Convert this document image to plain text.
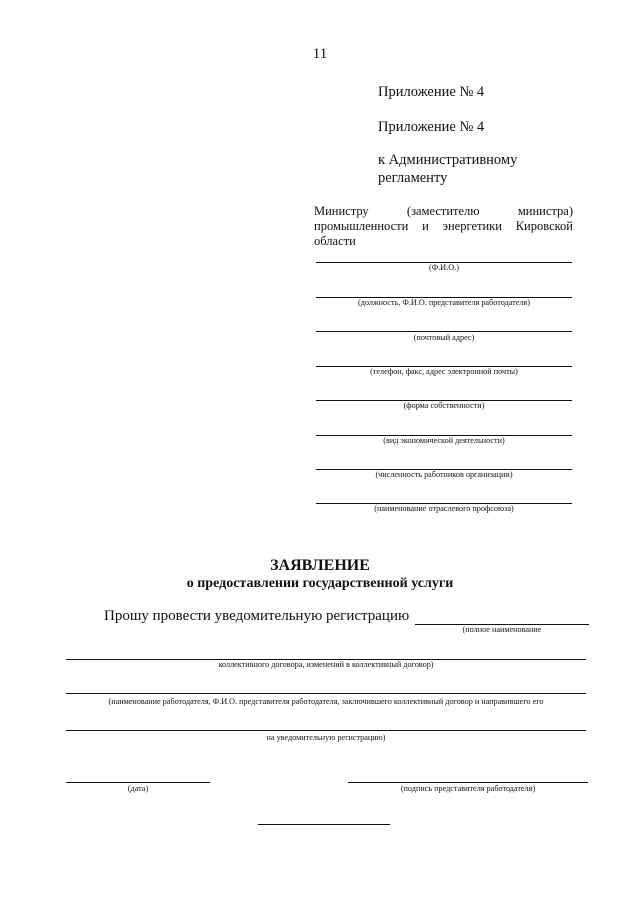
11
Приложение № 4
Приложение № 4
к Административному
регламенту
Министру (заместителю министра) промышленности и энергетики Кировской области
(Ф.И.О.)
(должность, Ф.И.О. представителя работодателя)
(почтовый адрес)
(телефон, факс, адрес электронной почты)
(форма собственности)
(вид экономической деятельности)
(численность работников организации)
(наименование отраслевого профсоюза)
ЗАЯВЛЕНИЕ
о предоставлении государственной услуги
Прошу провести уведомительную регистрацию
(полное наименование
коллективного договора, изменений в коллективный договор)
(наименование работодателя, Ф.И.О. представителя работодателя, заключившего коллективный договор и направившего его
на уведомительную регистрацию)
(дата)	(подпись представителя работодателя)
